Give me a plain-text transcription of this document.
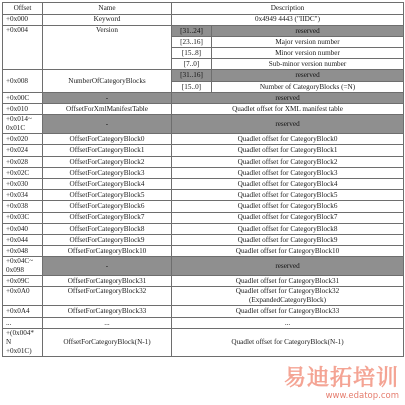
Offset	Name	Description	
+0x000	Keyword	0x4949 4443 ("IIDC")	
+0x004	Version	[31..24]	reserved
		[23..16]	Major version number
		[15..8]	Minor version number
		[7..0]	Sub-minor version number
+0x008	NumberOfCategoryBlocks	[31..16]	reserved
		[15..0]	Number of CategoryBlocks (=N)
+0x00C	-	reserved	
+0x010	OffsetForXmlManifestTable	Quadlet offset for XML manifest table	
+0x014~
0x01C	-	reserved	
+0x020	OffsetForCategoryBlock0	Quadlet offset for CategoryBlock0	
+0x024	OffsetForCategoryBlock1	Quadlet offset for CategoryBlock1	
+0x028	OffsetForCategoryBlock2	Quadlet offset for CategoryBlock2	
+0x02C	OffsetForCategoryBlock3	Quadlet offset for CategoryBlock3	
+0x030	OffsetForCategoryBlock4	Quadlet offset for CategoryBlock4	
+0x034	OffsetForCategoryBlock5	Quadlet offset for CategoryBlock5	
+0x038	OffsetForCategoryBlock6	Quadlet offset for CategoryBlock6	
+0x03C	OffsetForCategoryBlock7	Quadlet offset for CategoryBlock7	
+0x040	OffsetForCategoryBlock8	Quadlet offset for CategoryBlock8	
+0x044	OffsetForCategoryBlock9	Quadlet offset for CategoryBlock9	
+0x048	OffsetForCategoryBlock10	Quadlet offset for CategoryBlock10	
+0x04C~
0x098	-	reserved	
+0x09C	OffsetForCategoryBlock31	Quadlet offset for CategoryBlock31	
+0x0A0	OffsetForCategoryBlock32	Quadlet offset for CategoryBlock32
(ExpandedCategoryBlock)	
+0x0A4	OffsetForCategoryBlock33	Quadlet offset for CategoryBlock33	
...	...	...	
+(0x004*
N
+0x01C)	OffsetForCategoryBlock(N-1)	Quadlet offset for CategoryBlock(N-1)	
易迪拓培训
www.edatop.com
